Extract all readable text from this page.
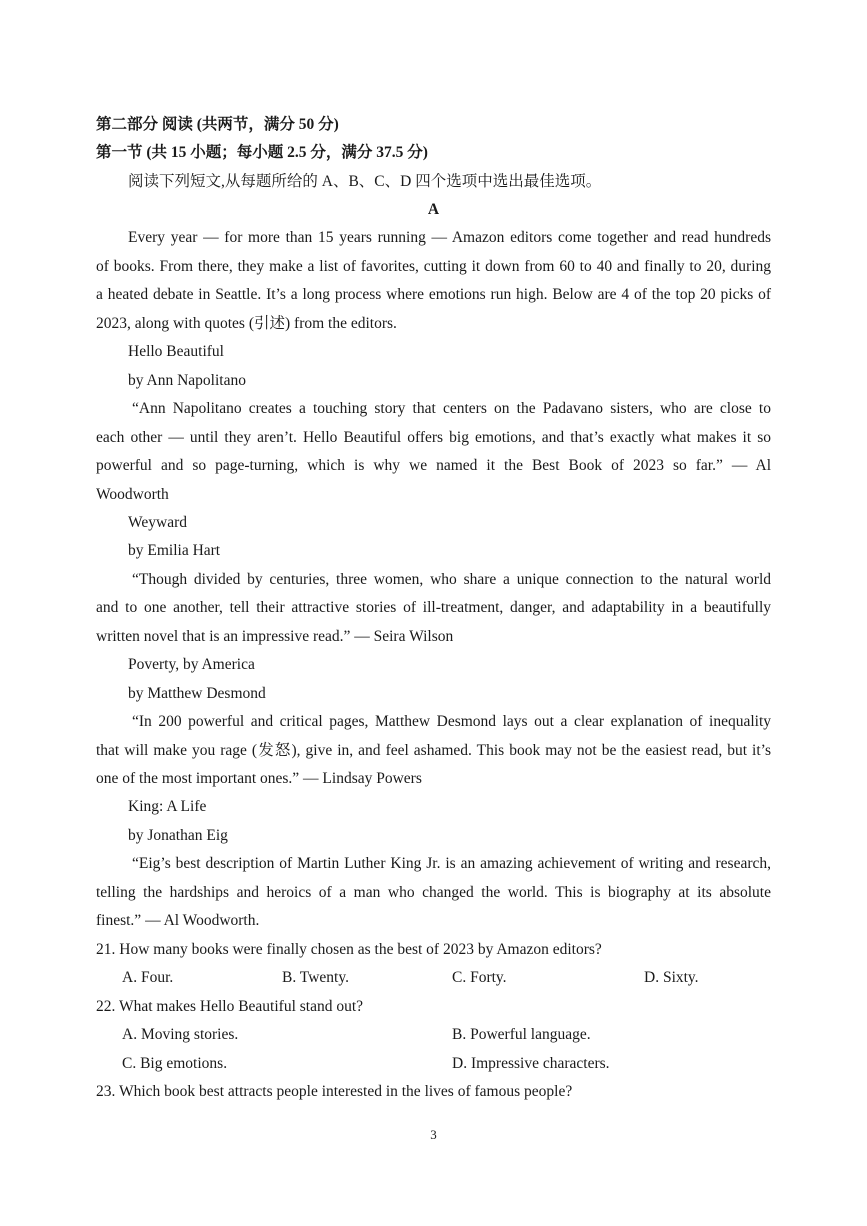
第二部分 阅读 (共两节，满分 50 分)
第一节 (共 15 小题；每小题 2.5 分，满分 37.5 分)
阅读下列短文,从每题所给的 A、B、C、D 四个选项中选出最佳选项。
A
Every year — for more than 15 years running — Amazon editors come together and read hundreds
of books. From there, they make a list of favorites, cutting it down from 60 to 40 and finally to 20, during
a heated debate in Seattle. It’s a long process where emotions run high. Below are 4 of the top 20 picks of
2023, along with quotes (引述) from the editors.
Hello Beautiful
by Ann Napolitano
“Ann Napolitano creates a touching story that centers on the Padavano sisters, who are close to
each other — until they aren’t. Hello Beautiful offers big emotions, and that’s exactly what makes it so
powerful and so page-turning, which is why we named it the Best Book of 2023 so far.” — Al
Woodworth
Weyward
by Emilia Hart
“Though divided by centuries, three women, who share a unique connection to the natural world
and to one another, tell their attractive stories of ill-treatment, danger, and adaptability in a beautifully
written novel that is an impressive read.” — Seira Wilson
Poverty, by America
by Matthew Desmond
“In 200 powerful and critical pages, Matthew Desmond lays out a clear explanation of inequality
that will make you rage (发怒), give in, and feel ashamed. This book may not be the easiest read, but it’s
one of the most important ones.” — Lindsay Powers
King: A Life
by Jonathan Eig
“Eig’s best description of Martin Luther King Jr. is an amazing achievement of writing and research,
telling the hardships and heroics of a man who changed the world. This is biography at its absolute
finest.” — Al Woodworth.
21. How many books were finally chosen as the best of 2023 by Amazon editors?
A. Four.	B. Twenty.	C. Forty.	D. Sixty.
22. What makes Hello Beautiful stand out?
A. Moving stories.	B. Powerful language.
C. Big emotions.	D. Impressive characters.
23. Which book best attracts people interested in the lives of famous people?
3
